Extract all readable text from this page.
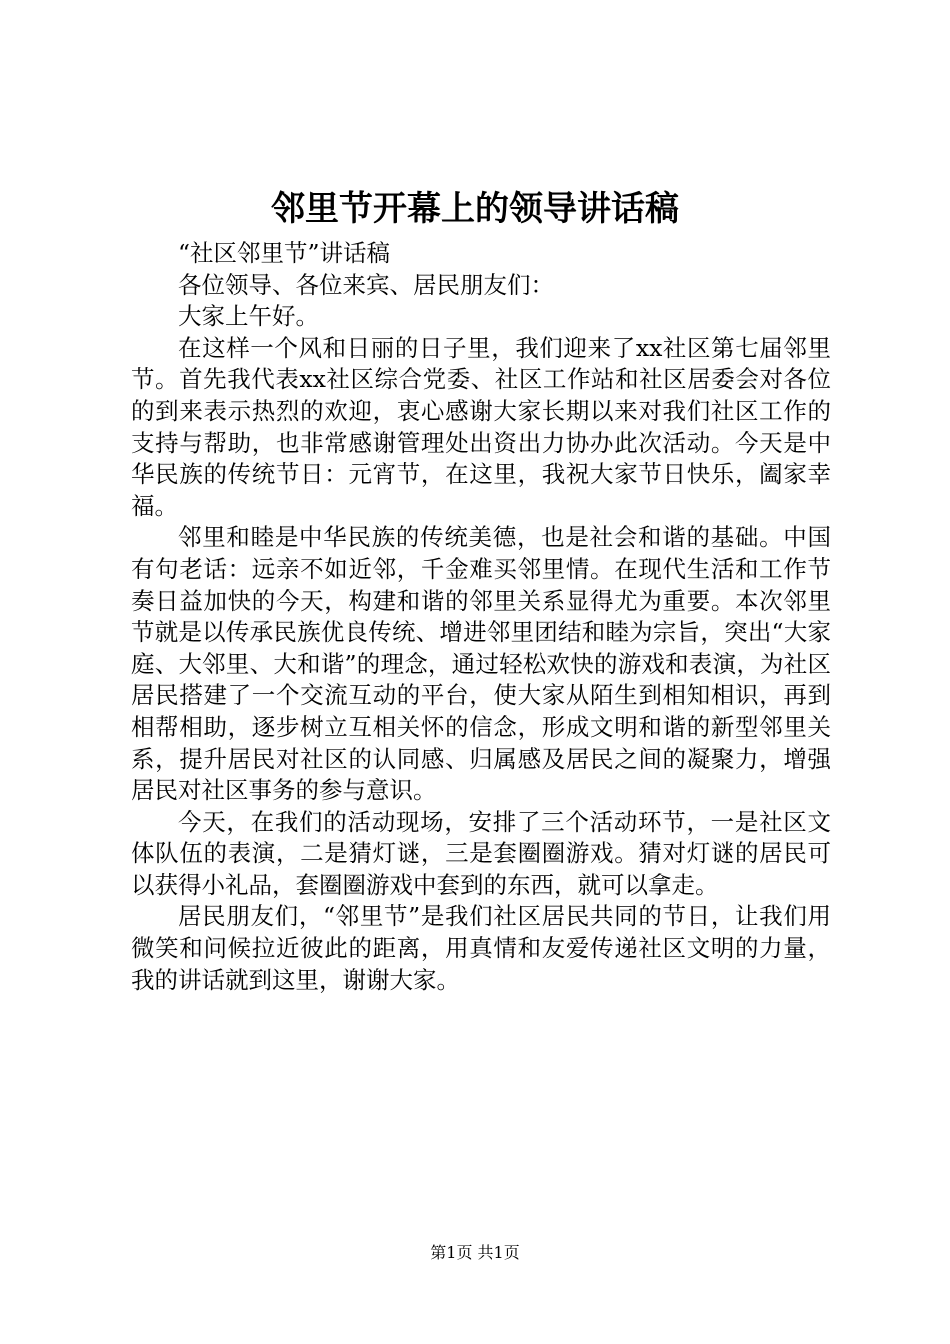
邻里节开幕上的领导讲话稿

“社区邻里节”讲话稿

各位领导、各位来宾、居民朋友们：

大家上午好。

在这样一个风和日丽的日子里，我们迎来了xx社区第七届邻里节。首先我代表xx社区综合党委、社区工作站和社区居委会对各位的到来表示热烈的欢迎，衷心感谢大家长期以来对我们社区工作的支持与帮助，也非常感谢管理处出资出力协办此次活动。今天是中华民族的传统节日：元宵节，在这里，我祝大家节日快乐，阖家幸福。

邻里和睦是中华民族的传统美德，也是社会和谐的基础。中国有句老话：远亲不如近邻，千金难买邻里情。在现代生活和工作节奏日益加快的今天，构建和谐的邻里关系显得尤为重要。本次邻里节就是以传承民族优良传统、增进邻里团结和睦为宗旨，突出“大家庭、大邻里、大和谐”的理念，通过轻松欢快的游戏和表演，为社区居民搭建了一个交流互动的平台，使大家从陌生到相知相识，再到相帮相助，逐步树立互相关怀的信念，形成文明和谐的新型邻里关系，提升居民对社区的认同感、归属感及居民之间的凝聚力，增强居民对社区事务的参与意识。

今天，在我们的活动现场，安排了三个活动环节，一是社区文体队伍的表演，二是猜灯谜，三是套圈圈游戏。猜对灯谜的居民可以获得小礼品，套圈圈游戏中套到的东西，就可以拿走。

居民朋友们，“邻里节”是我们社区居民共同的节日，让我们用微笑和问候拉近彼此的距离，用真情和友爱传递社区文明的力量，我的讲话就到这里，谢谢大家。

第1页 共1页
